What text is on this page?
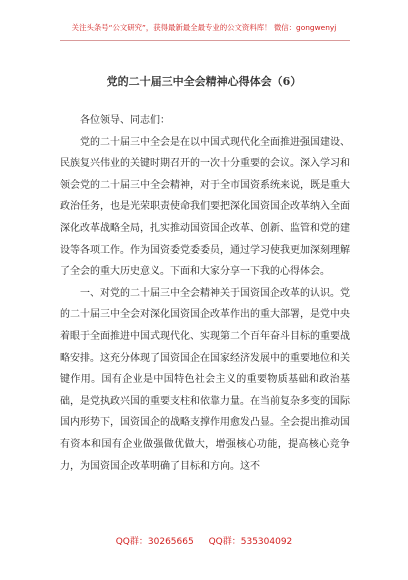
关注头条号“公文研究”，获得最新最全最专业的公文资料库！ 微信：gongwenyj
党的二十届三中全会精神心得体会（6）

各位领导、同志们：

党的二十届三中全会是在以中国式现代化全面推进强国建设、民族复兴伟业的关键时期召开的一次十分重要的会议。深入学习和领会党的二十届三中全会精神，对于全市国资系统来说，既是重大政治任务，也是光荣职责使命我们要把深化国资国企改革纳入全面深化改革战略全局，扎实推动国资国企改革、创新、监管和党的建设等各项工作。作为国资委党委委员，通过学习使我更加深刻理解了全会的重大历史意义。下面和大家分享一下我的心得体会。

一、对党的二十届三中全会精神关于国资国企改革的认识。党的二十届三中全会对深化国资国企改革作出的重大部署，是党中央着眼于全面推进中国式现代化、实现第二个百年奋斗目标的重要战略安排。这充分体现了国资国企在国家经济发展中的重要地位和关键作用。国有企业是中国特色社会主义的重要物质基础和政治基础，是党执政兴国的重要支柱和依靠力量。在当前复杂多变的国际国内形势下，国资国企的战略支撑作用愈发凸显。全会提出推动国有资本和国有企业做强做优做大，增强核心功能，提高核心竞争力，为国资国企改革明确了目标和方向。这不

QQ群：30265665 QQ群：535304092
